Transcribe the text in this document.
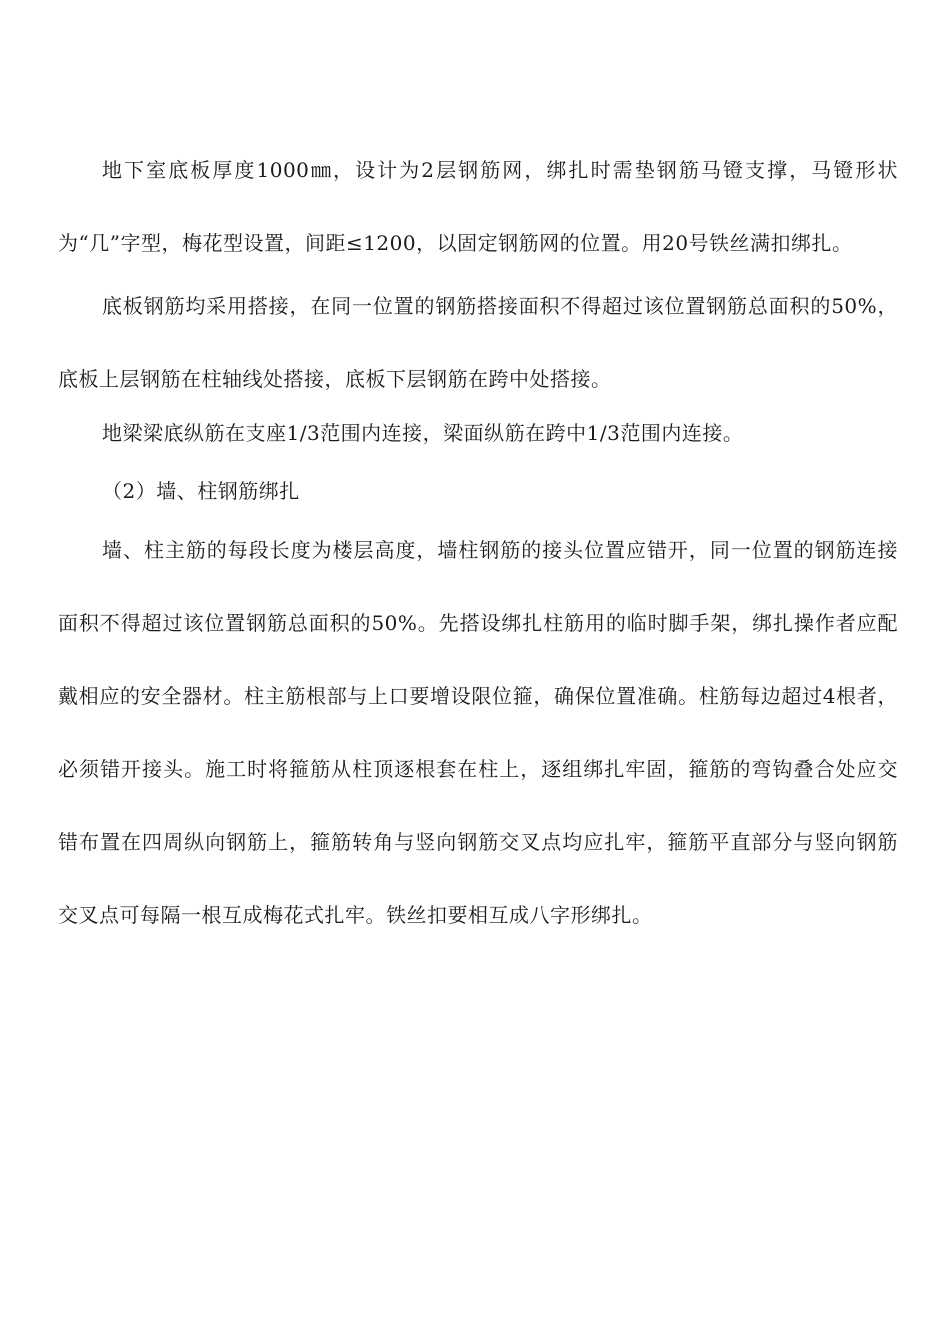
地下室底板厚度1000㎜，设计为2层钢筋网，绑扎时需垫钢筋马镫支撑，马镫形状为“几”字型，梅花型设置，间距≤1200，以固定钢筋网的位置。用20号铁丝满扣绑扎。

底板钢筋均采用搭接，在同一位置的钢筋搭接面积不得超过该位置钢筋总面积的50%，底板上层钢筋在柱轴线处搭接，底板下层钢筋在跨中处搭接。

地梁梁底纵筋在支座1/3范围内连接，梁面纵筋在跨中1/3范围内连接。

（2）墙、柱钢筋绑扎

墙、柱主筋的每段长度为楼层高度，墙柱钢筋的接头位置应错开，同一位置的钢筋连接面积不得超过该位置钢筋总面积的50%。先搭设绑扎柱筋用的临时脚手架，绑扎操作者应配戴相应的安全器材。柱主筋根部与上口要增设限位箍，确保位置准确。柱筋每边超过4根者，必须错开接头。施工时将箍筋从柱顶逐根套在柱上，逐组绑扎牢固，箍筋的弯钩叠合处应交错布置在四周纵向钢筋上，箍筋转角与竖向钢筋交叉点均应扎牢，箍筋平直部分与竖向钢筋交叉点可每隔一根互成梅花式扎牢。铁丝扣要相互成八字形绑扎。
